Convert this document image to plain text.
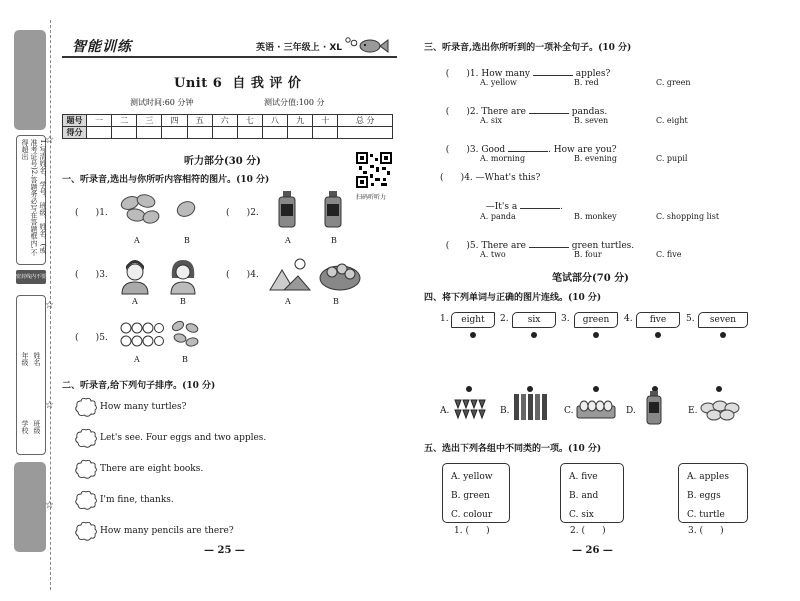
1.写清姓名、学号、班级、姓名、(或准考证号)2.答题务必写在答题框内,不得超出
密封线内不要答题
年级 姓名
学校 班级
☆
☆
☆
☆
智能训练	英语 · 三年级上 · XL
Unit 6  自 我 评 价
测试时间:60 分钟	测试分值:100 分
题号	一	二	三	四	五	六	七	八	九	十	总 分
得分											
听力部分(30 分)
扫码听听力
一、听录音,选出与你所听内容相符的图片。(10 分)
(      )1.
A	B
(      )2.
A	B
(      )3.
A	B
(      )4.
A	B
(      )5.
A	B
二、听录音,给下列句子排序。(10 分)
How many turtles?
Let's see. Four eggs and two apples.
There are eight books.
I'm fine, thanks.
How many pencils are there?
— 25 —
三、听录音,选出你所听到的一项补全句子。(10 分)

(      )1. How many	apples?

A. yellow	B. red	C. green

(      )2. There are	pandas.

A. six	B. seven	C. eight

(      )3. Good	. How are you?

A. morning	B. evening	C. pupil
(      )4. —What's this?

—It's a	.

A. panda	B. monkey	C. shopping list

(      )5. There are	green turtles.

A. two	B. four	C. five
笔试部分(70 分)
四、将下列单词与正确的图片连线。(10 分)
1.	eight	2.	six	3.	green	4.	five	5.	seven
A.	B.	C.	D.	E.
五、选出下列各组中不同类的一项。(10 分)
A. yellow
B. green
C. colour
1. (      )
A. five
B. and
C. six
2. (      )
A. apples
B. eggs
C. turtle
3. (      )
— 26 —
